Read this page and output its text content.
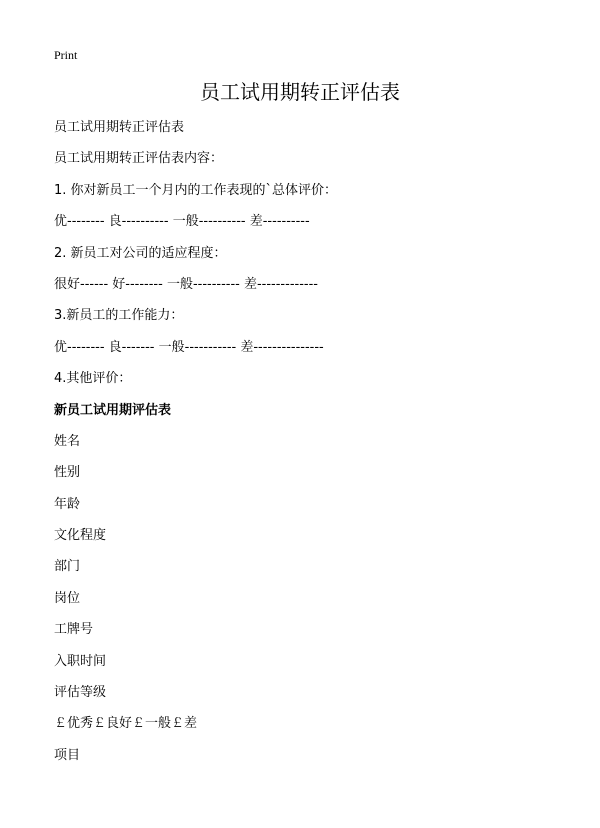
Print
员工试用期转正评估表
员工试用期转正评估表
员工试用期转正评估表内容：
1. 你对新员工一个月内的工作表现的`总体评价：
优-------- 良---------- 一般---------- 差----------
2. 新员工对公司的适应程度：
很好------ 好-------- 一般---------- 差-------------
3.新员工的工作能力：
优-------- 良------- 一般----------- 差---------------
4.其他评价：
新员工试用期评估表
姓名
性别
年龄
文化程度
部门
岗位
工牌号
入职时间
评估等级
￡优秀￡良好￡一般￡差
项目
